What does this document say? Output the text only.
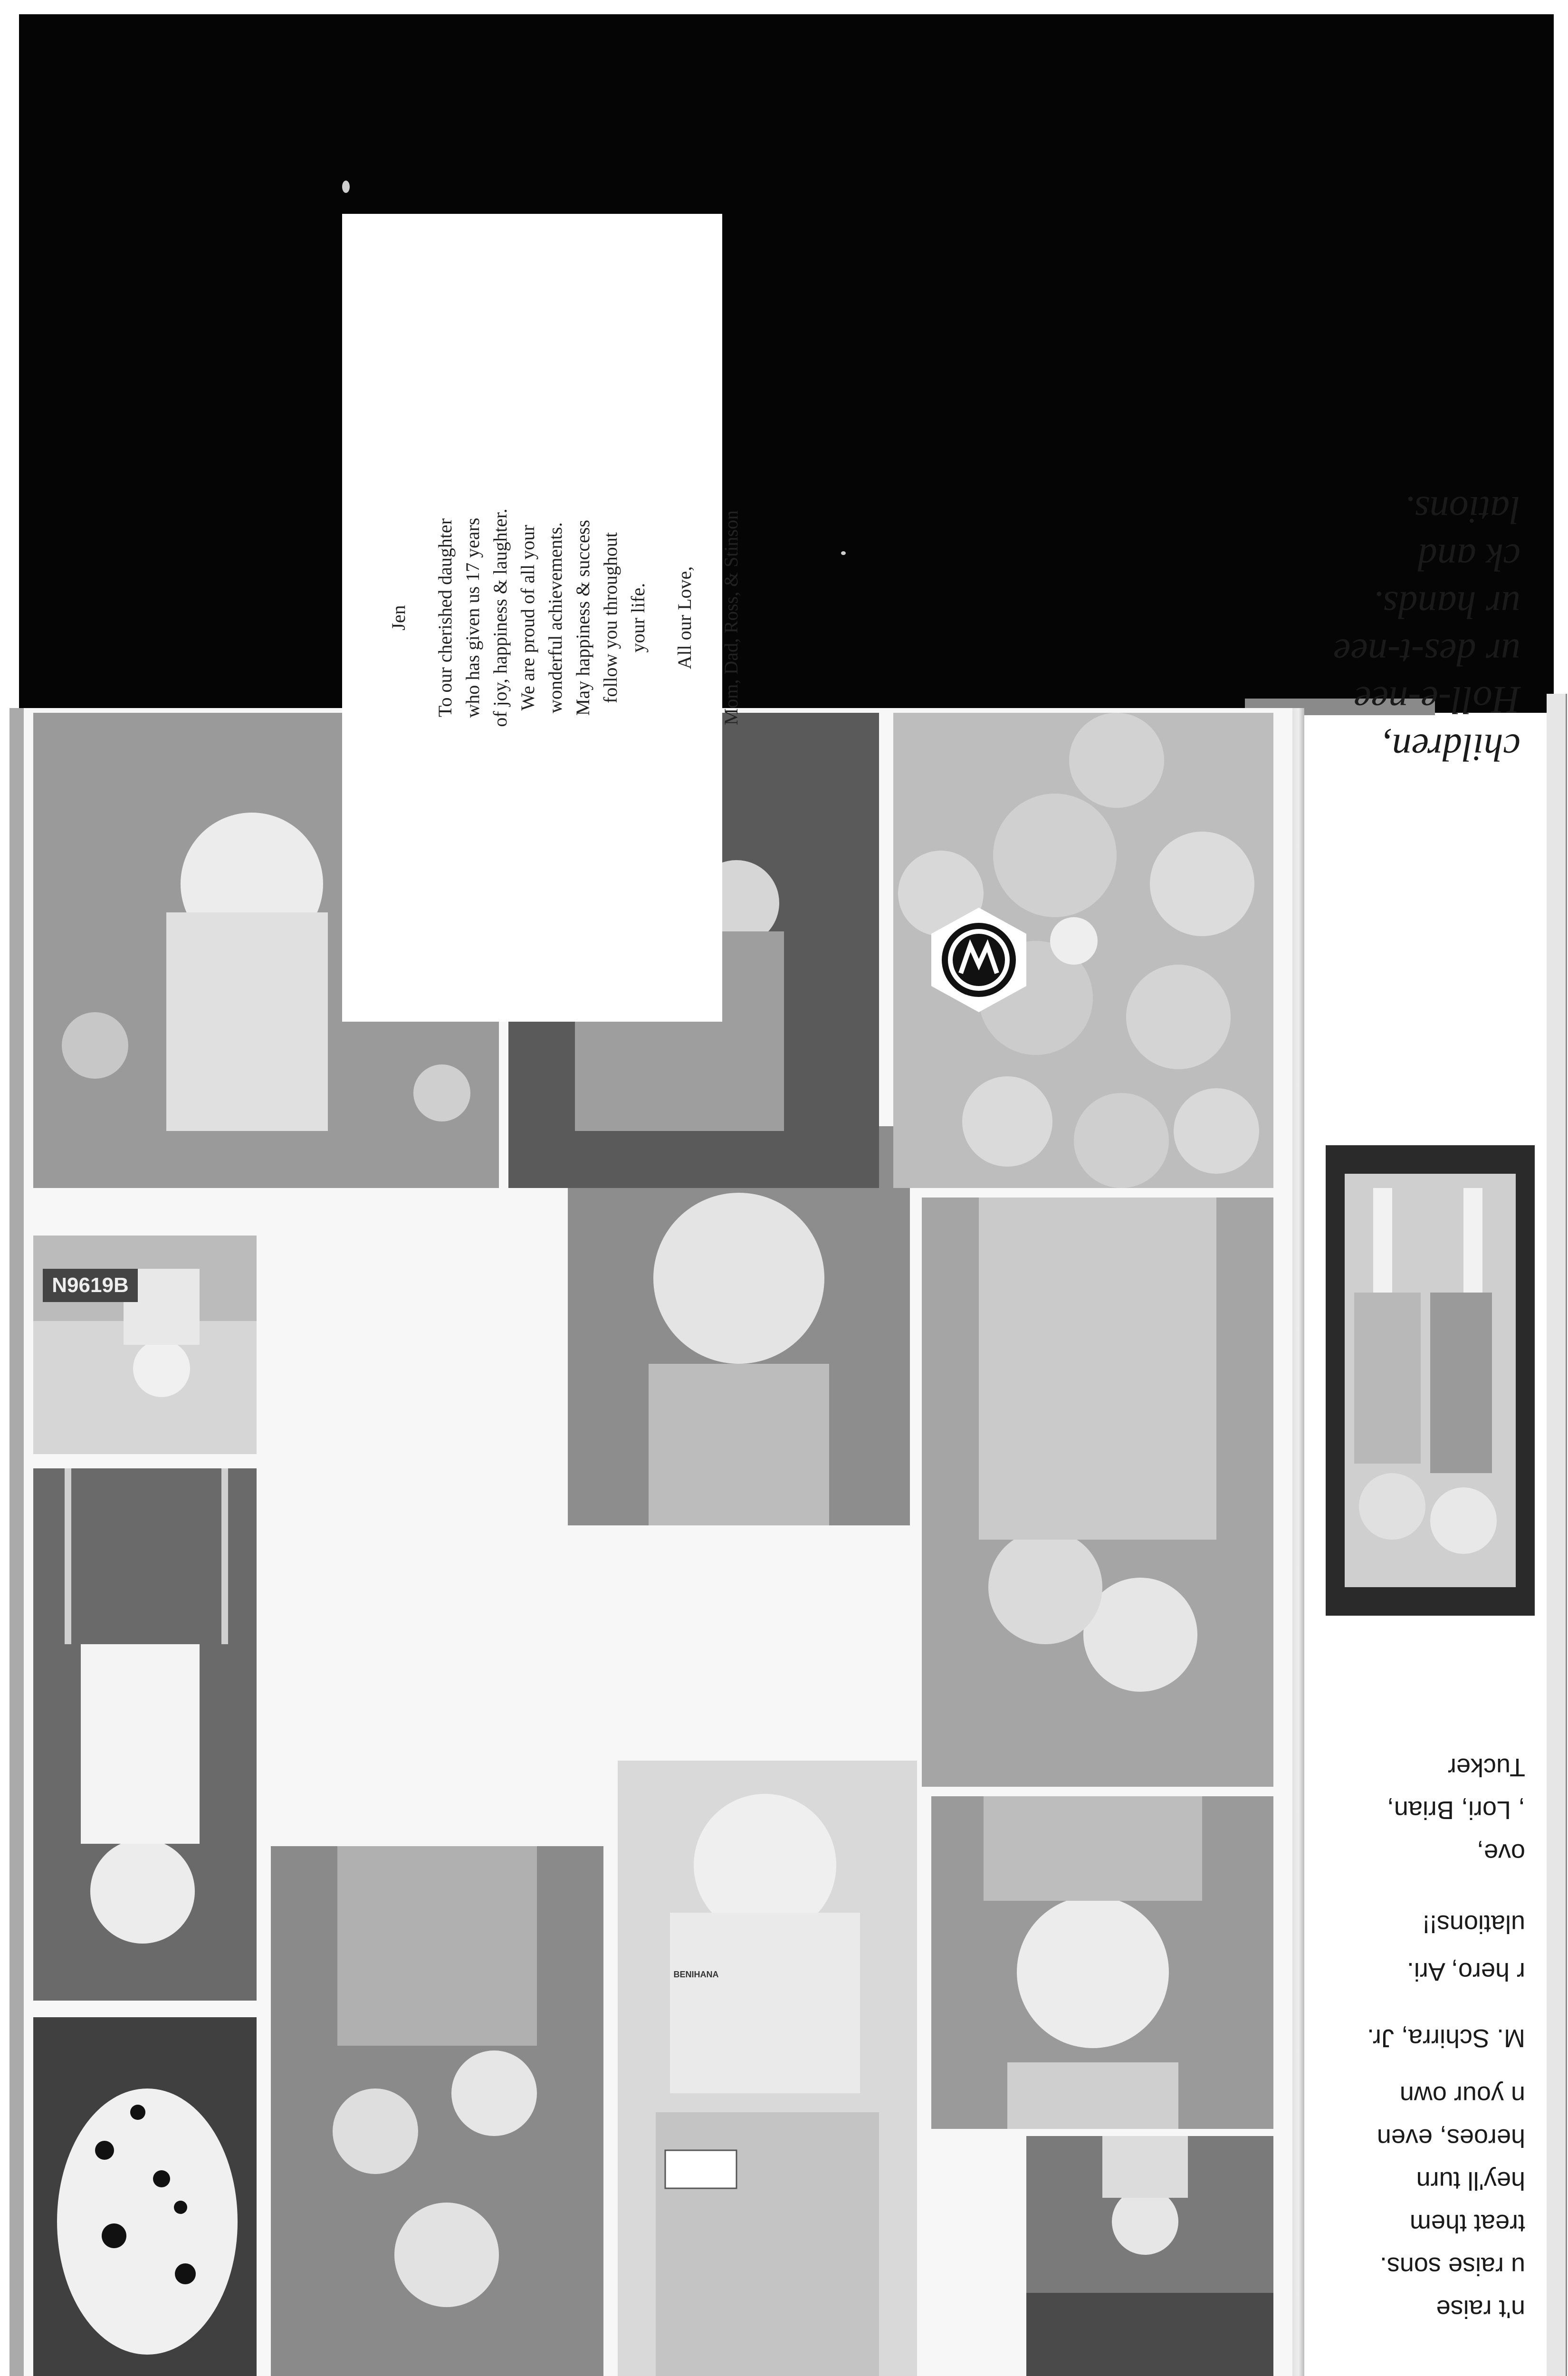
n't raise
u raise sons.
treat them
hey'll turn
heroes, even
n your own
M. Schirra, Jr.
r hero, Ari.
ulations!!
ove,
, Lori, Brian,
Tucker
children,
Holl-e-nee
ur des-t-nee
ur hands.
ck and
lations.
BENIHANA
N9619B
Jen To our cherished daughter who has given us 17 years of joy, happiness & laughter. We are proud of all your wonderful achievements. May happiness & success follow you throughout your life. All our Love, Mom, Dad, Ross, & Stinson
